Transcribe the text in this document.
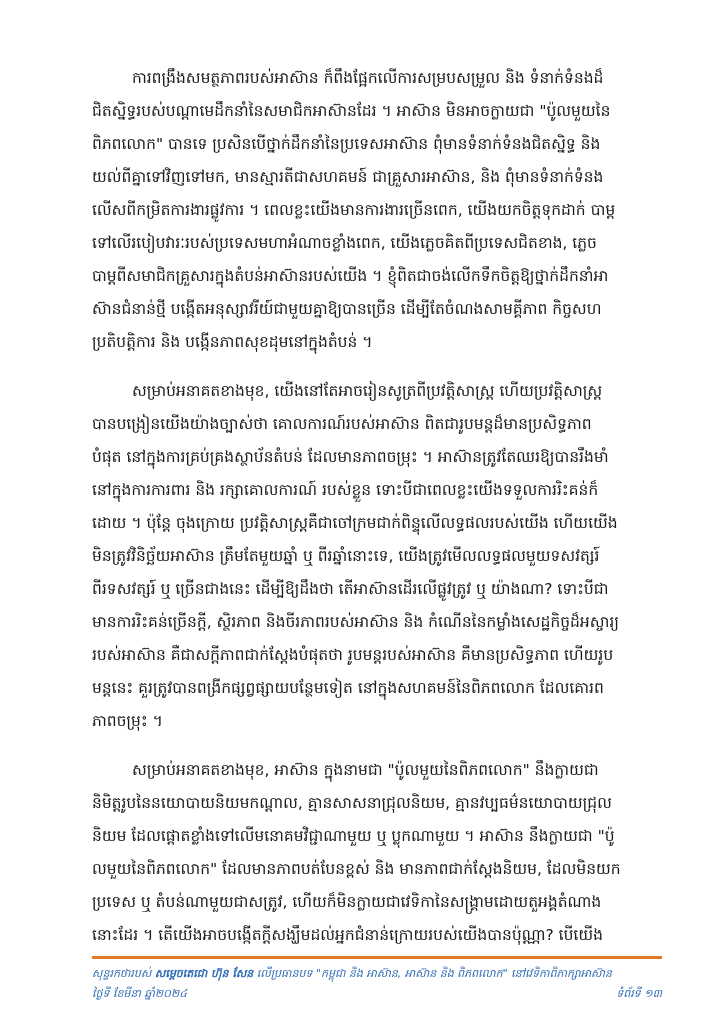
ការពង្រឹងសមត្ថភាពរបស់អាស៊ាន ក៏ពឹងផ្អែកលើការសម្របសម្រួល និង ទំនាក់ទំនងដ៏
ជិតស្និទ្ធរបស់បណ្ដាមេដឹកនាំនៃសមាជិកអាស៊ានដែរ ។ អាស៊ាន មិនអាចក្លាយជា "ប៉ូលមួយនៃ
ពិភពលោក" បានទេ ប្រសិនបើថ្នាក់ដឹកនាំនៃប្រទេសអាស៊ាន ពុំមានទំនាក់ទំនងជិតស្និទ្ធ និង
យល់ពីគ្នាទៅវិញទៅមក, មានស្មារតីជាសហគមន៍ ជាគ្រួសារអាស៊ាន, និង ពុំមានទំនាក់ទំនង
លើសពីកម្រិតការងារផ្លូវការ ។ ពេលខ្លះយើងមានការងារច្រើនពេក, យើងយកចិត្តទុកដាក់ បាម្ដ
ទៅលើរបៀបវារៈរបស់ប្រទេសមហាអំណាចខ្លាំងពេក, យើងភ្លេចគិតពីប្រទេសជិតខាង, ភ្លេច
បាម្ដពីសមាជិកគ្រួសារក្នុងតំបន់អាស៊ានរបស់យើង ។ ខ្ញុំពិតជាចង់លើកទឹកចិត្តឱ្យថ្នាក់ដឹកនាំអា
ស៊ានជំនាន់ថ្មី បង្កើតអនុស្សាវរីយ៍ជាមួយគ្នាឱ្យបានច្រើន ដើម្បីតែចំណងសាមគ្គីភាព កិច្ចសហ
ប្រតិបត្តិការ និង បង្កើនភាពសុខដុមនៅក្នុងតំបន់ ។
សម្រាប់អនាគតខាងមុខ, យើងនៅតែអាចរៀនសូត្រពីប្រវត្តិសាស្ត្រ ហើយប្រវត្តិសាស្ត្រ
បានបង្រៀនយើងយ៉ាងច្បាស់ថា គោលការណ៍របស់អាស៊ាន ពិតជារូបមន្តដ៏មានប្រសិទ្ធភាព
បំផុត នៅក្នុងការគ្រប់គ្រងស្ថាប័នតំបន់ ដែលមានភាពចម្រុះ ។ អាស៊ានត្រូវតែឈរឱ្យបានរឹងមាំ
នៅក្នុងការការពារ និង រក្សាគោលការណ៍ របស់ខ្លួន ទោះបីជាពេលខ្លះយើងទទួលការរិះគន់ក៏
ដោយ ។ ប៉ុន្តែ ចុងក្រោយ ប្រវត្តិសាស្ត្រគឺជាចៅក្រមជាក់ពិន្ទុលើលទ្ធផលរបស់យើង ហើយយើង
មិនត្រូវវិនិច្ឆ័យអាស៊ាន ត្រឹមតែមួយឆ្នាំ ឬ ពីរឆ្នាំនោះទេ, យើងត្រូវមើលលទ្ធផលមួយទសវត្សរ៍
ពីរទសវត្សរ៍ ឬ ច្រើនជាងនេះ ដើម្បីឱ្យដឹងថា តើអាស៊ានដើរលើផ្លូវត្រូវ ឬ យ៉ាងណា? ទោះបីជា
មានការរិះគន់ច្រើនក្ដី, ស្ថិរភាព និងចីរភាពរបស់អាស៊ាន និង កំណើននៃកម្លាំងសេដ្ឋកិច្ចដ៏អស្ចារ្យ
របស់អាស៊ាន គឺជាសក្ដីភាពជាក់ស្ដែងបំផុតថា រូបមន្តរបស់អាស៊ាន គឺមានប្រសិទ្ធភាព ហើយរូប
មន្តនេះ គួរត្រូវបានពង្រីកផ្សព្វផ្សាយបន្ថែមទៀត នៅក្នុងសហគមន៍នៃពិភពលោក ដែលគោរព
ភាពចម្រុះ ។
សម្រាប់អនាគតខាងមុខ, អាស៊ាន ក្នុងនាមជា "ប៉ូលមួយនៃពិភពលោក" នឹងក្លាយជា
និមិត្តរូបនៃនយោបាយនិយមកណ្ដាល, គ្មានសាសនាជ្រុលនិយម, គ្មានវប្បធម៌នយោបាយជ្រុល
និយម ដែលផ្ដោតខ្លាំងទៅលើមនោគមវិជ្ជាណាមួយ ឬ ប្លុកណាមួយ ។ អាស៊ាន នឹងក្លាយជា "ប៉ូ
លមួយនៃពិភពលោក" ដែលមានភាពបត់បែនខ្ពស់ និង មានភាពជាក់ស្ដែងនិយម, ដែលមិនយក
ប្រទេស ឬ តំបន់ណាមួយជាសត្រូវ, ហើយក៏មិនក្លាយជាវេទិកានៃសង្គ្រាមដោយតួអង្គតំណាង
នោះដែរ ។ តើយើងអាចបង្កើតក្ដីសង្ឃឹមដល់អ្នកជំនាន់ក្រោយរបស់យើងបានប៉ុណ្ណា? បើយើង
សុន្ទរកថារបស់ សម្ដេចតេជោ ហ៊ុន សែន លើប្រធានបទ "កម្ពុជា និង អាស៊ាន, អាស៊ាន និង ពិភពលោក" នៅវេទិកាពិភាក្សាអាស៊ាន
ថ្ងៃទី ខែមីនា ឆ្នាំ២០២៤	ទំព័រទី ១៣
